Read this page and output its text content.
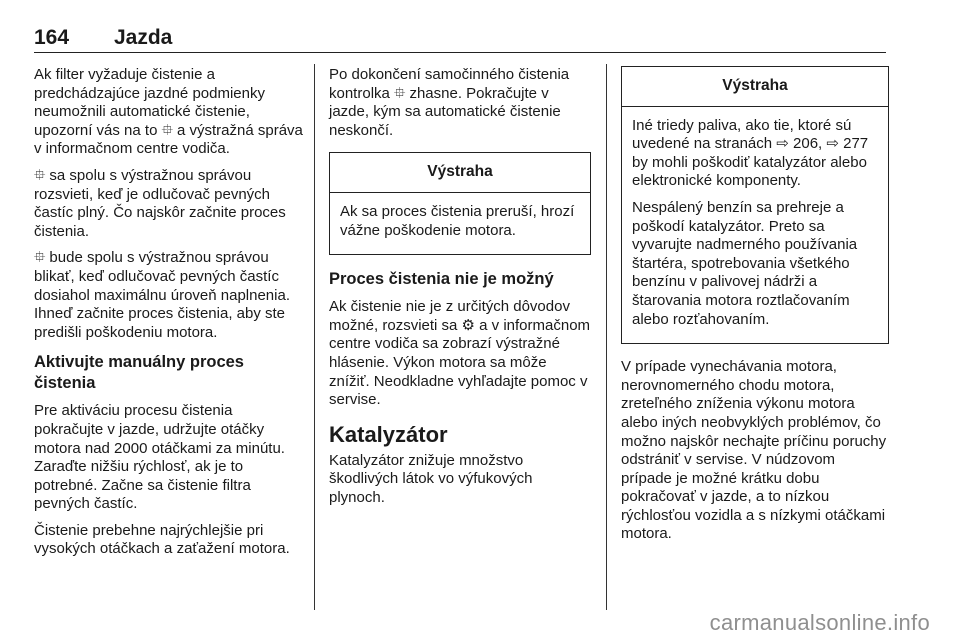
164 Jazda

Ak filter vyžaduje čistenie a predchádzajúce jazdné podmienky neumožnili automatické čistenie, upozorní vás na to ⯐ a výstražná správa v informačnom centre vodiča.

⯐ sa spolu s výstražnou správou rozsvieti, keď je odlučovač pevných častíc plný. Čo najskôr začnite proces čistenia.

⯐ bude spolu s výstražnou správou blikať, keď odlučovač pevných častíc dosiahol maximálnu úroveň naplnenia. Ihneď začnite proces čistenia, aby ste predišli poškodeniu motora.

Aktivujte manuálny proces čistenia

Pre aktiváciu procesu čistenia pokračujte v jazde, udržujte otáčky motora nad 2000 otáčkami za minútu. Zaraďte nižšiu rýchlosť, ak je to potrebné. Začne sa čistenie filtra pevných častíc.

Čistenie prebehne najrýchlejšie pri vysokých otáčkach a zaťažení motora.

Po dokončení samočinného čistenia kontrolka ⯐ zhasne. Pokračujte v jazde, kým sa automatické čistenie neskončí.

Výstraha

Ak sa proces čistenia preruší, hrozí vážne poškodenie motora.

Proces čistenia nie je možný

Ak čistenie nie je z určitých dôvodov možné, rozsvieti sa ⚙ a v informačnom centre vodiča sa zobrazí výstražné hlásenie. Výkon motora sa môže znížiť. Neodkladne vyhľadajte pomoc v servise.

Katalyzátor

Katalyzátor znižuje množstvo škodlivých látok vo výfukových plynoch.

Výstraha

Iné triedy paliva, ako tie, ktoré sú uvedené na stranách ⇨ 206, ⇨ 277 by mohli poškodiť katalyzátor alebo elektronické komponenty.

Nespálený benzín sa prehreje a poškodí katalyzátor. Preto sa vyvarujte nadmerného používania štartéra, spotrebovania všetkého benzínu v palivovej nádrži a štarovania motora roztlačovaním alebo rozťahovaním.

V prípade vynechávania motora, nerovnomerného chodu motora, zreteľného zníženia výkonu motora alebo iných neobvyklých problémov, čo možno najskôr nechajte príčinu poruchy odstrániť v servise. V núdzovom prípade je možné krátku dobu pokračovať v jazde, a to nízkou rýchlosťou vozidla a s nízkymi otáčkami motora.

carmanualsonline.info
